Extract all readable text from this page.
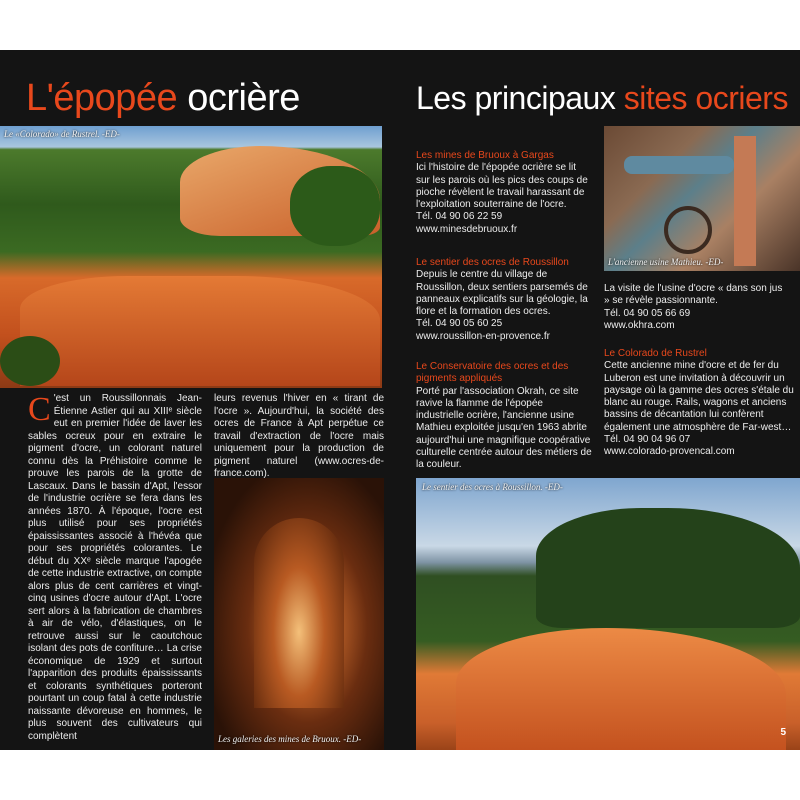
L'épopée ocrière	Les principaux sites ocriers
Le «Colorado» de Rustrel. -ED-
L'ancienne usine Mathieu. -ED-
Les galeries des mines de Bruoux. -ED-
Le sentier des ocres à Roussillon. -ED-
C 'est un Roussillonnais Jean-Étienne Astier qui au XIIIᵉ siècle eut en premier l'idée de laver les sables ocreux pour en extraire le pigment d'ocre, un colorant naturel connu dès la Préhistoire comme le prouve les parois de la grotte de Lascaux. Dans le bassin d'Apt, l'essor de l'industrie ocrière se fera dans les années 1870. À l'époque, l'ocre est plus utilisé pour ses propriétés épaississantes associé à l'hévéa que pour ses propriétés colorantes. Le début du XXᵉ siècle marque l'apogée de cette industrie extractive, on compte alors plus de cent carrières et vingt-cinq usines d'ocre autour d'Apt. L'ocre sert alors à la fabrication de chambres à air de vélo, d'élastiques, on le retrouve aussi sur le caoutchouc isolant des pots de confiture… La crise économique de 1929 et surtout l'apparition des produits épaississants et colorants synthétiques porteront pourtant un coup fatal à cette industrie naissante dévoreuse en hommes, le plus souvent des cultivateurs qui complètent
leurs revenus l'hiver en « tirant de l'ocre ». Aujourd'hui, la société des ocres de France à Apt perpétue ce travail d'extraction de l'ocre mais uniquement pour la production de pigment naturel (www.ocres-de-france.com).
Les mines de Bruoux à Gargas
Ici l'histoire de l'épopée ocrière se lit sur les parois où les pics des coups de pioche révèlent le travail harassant de l'exploitation souterraine de l'ocre.
Tél. 04 90 06 22 59
www.minesdebruoux.fr
Le sentier des ocres de Roussillon
Depuis le centre du village de Roussillon, deux sentiers parsemés de panneaux explicatifs sur la géologie, la flore et la formation des ocres.
Tél. 04 90 05 60 25
www.roussillon-en-provence.fr
Le Conservatoire des ocres et des pigments appliqués
Porté par l'association Okrah, ce site ravive la flamme de l'épopée industrielle ocrière, l'ancienne usine Mathieu exploitée jusqu'en 1963 abrite aujourd'hui une magnifique coopérative culturelle centrée autour des métiers de la couleur.
La visite de l'usine d'ocre « dans son jus » se révèle passionnante.
Tél. 04 90 05 66 69
www.okhra.com
Le Colorado de Rustrel
Cette ancienne mine d'ocre et de fer du Luberon est une invitation à découvrir un paysage où la gamme des ocres s'étale du blanc au rouge. Rails, wagons et anciens bassins de décantation lui confèrent également une atmosphère de Far-west…
Tél. 04 90 04 96 07
www.colorado-provencal.com
5
